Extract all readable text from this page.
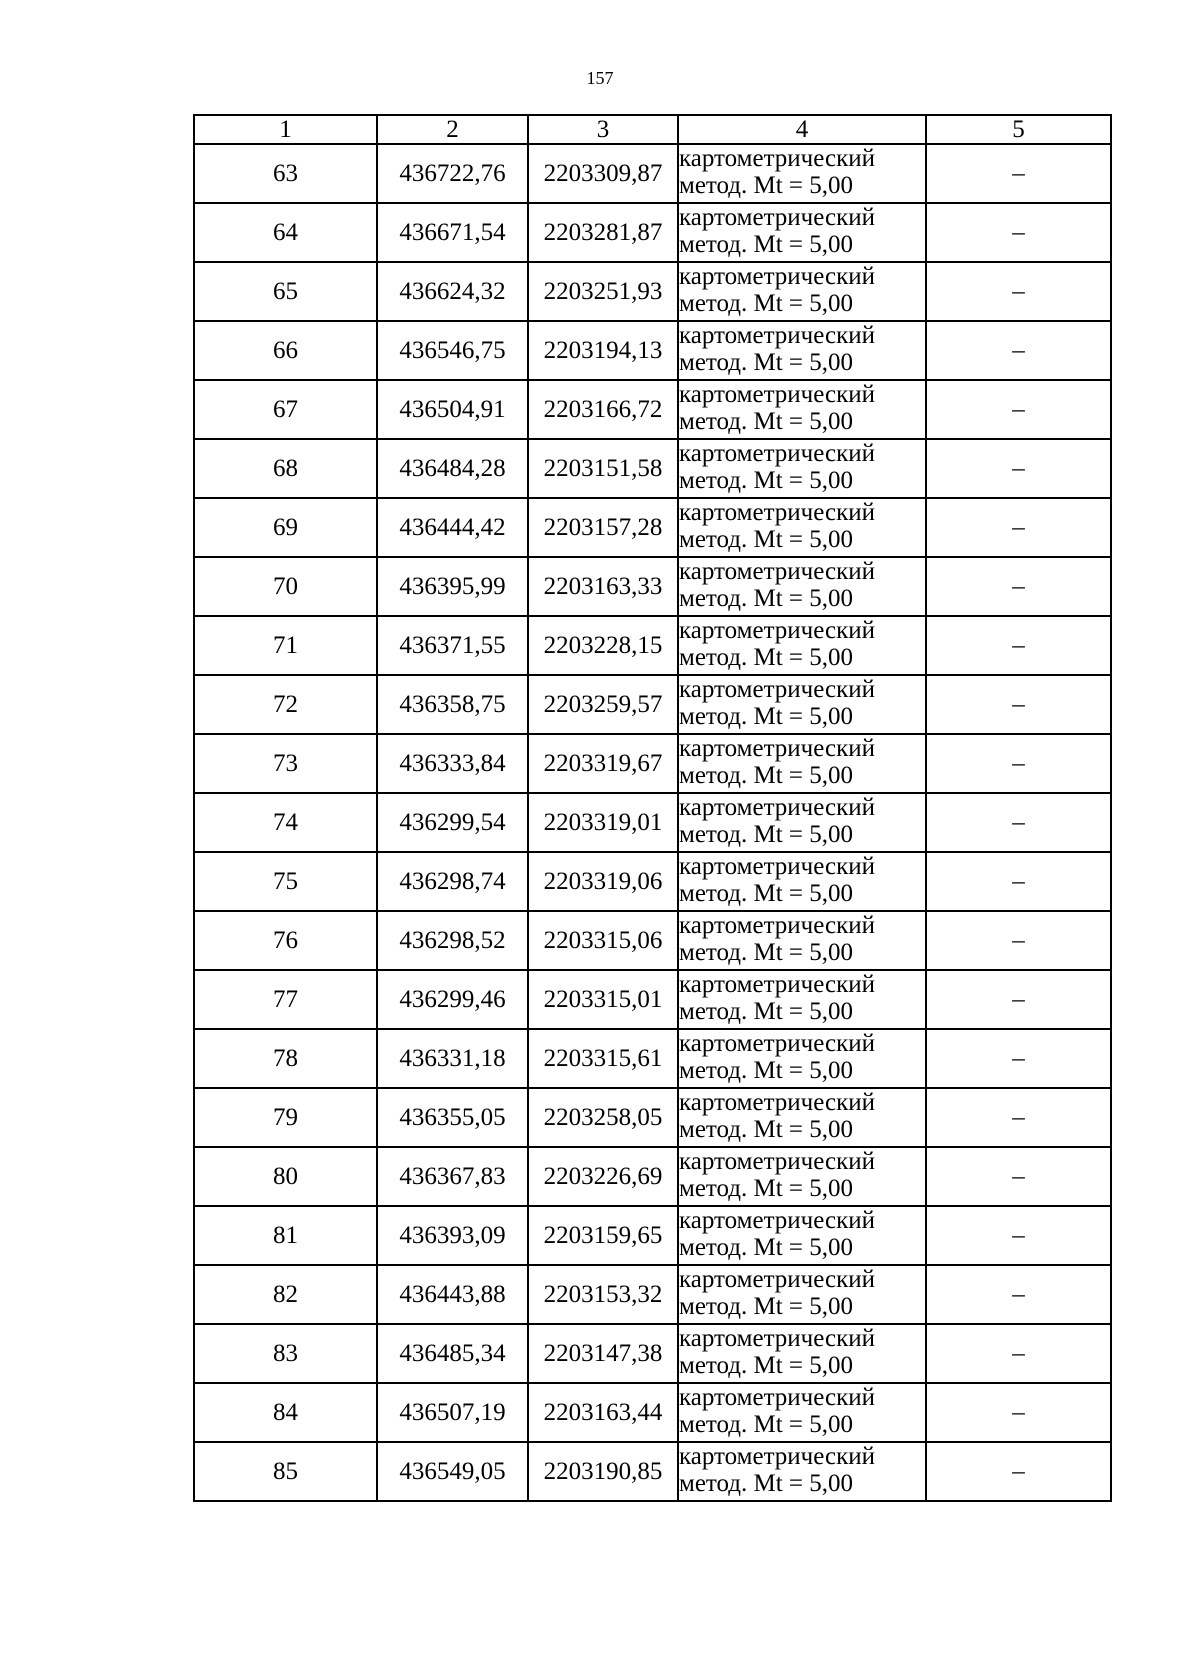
157
1	2	3	4	5
63	436722,76	2203309,87	картометрический
метод. Mt = 5,00	–
64	436671,54	2203281,87	картометрический
метод. Mt = 5,00	–
65	436624,32	2203251,93	картометрический
метод. Mt = 5,00	–
66	436546,75	2203194,13	картометрический
метод. Mt = 5,00	–
67	436504,91	2203166,72	картометрический
метод. Mt = 5,00	–
68	436484,28	2203151,58	картометрический
метод. Mt = 5,00	–
69	436444,42	2203157,28	картометрический
метод. Mt = 5,00	–
70	436395,99	2203163,33	картометрический
метод. Mt = 5,00	–
71	436371,55	2203228,15	картометрический
метод. Mt = 5,00	–
72	436358,75	2203259,57	картометрический
метод. Mt = 5,00	–
73	436333,84	2203319,67	картометрический
метод. Mt = 5,00	–
74	436299,54	2203319,01	картометрический
метод. Mt = 5,00	–
75	436298,74	2203319,06	картометрический
метод. Mt = 5,00	–
76	436298,52	2203315,06	картометрический
метод. Mt = 5,00	–
77	436299,46	2203315,01	картометрический
метод. Mt = 5,00	–
78	436331,18	2203315,61	картометрический
метод. Mt = 5,00	–
79	436355,05	2203258,05	картометрический
метод. Mt = 5,00	–
80	436367,83	2203226,69	картометрический
метод. Mt = 5,00	–
81	436393,09	2203159,65	картометрический
метод. Mt = 5,00	–
82	436443,88	2203153,32	картометрический
метод. Mt = 5,00	–
83	436485,34	2203147,38	картометрический
метод. Mt = 5,00	–
84	436507,19	2203163,44	картометрический
метод. Mt = 5,00	–
85	436549,05	2203190,85	картометрический
метод. Mt = 5,00	–
